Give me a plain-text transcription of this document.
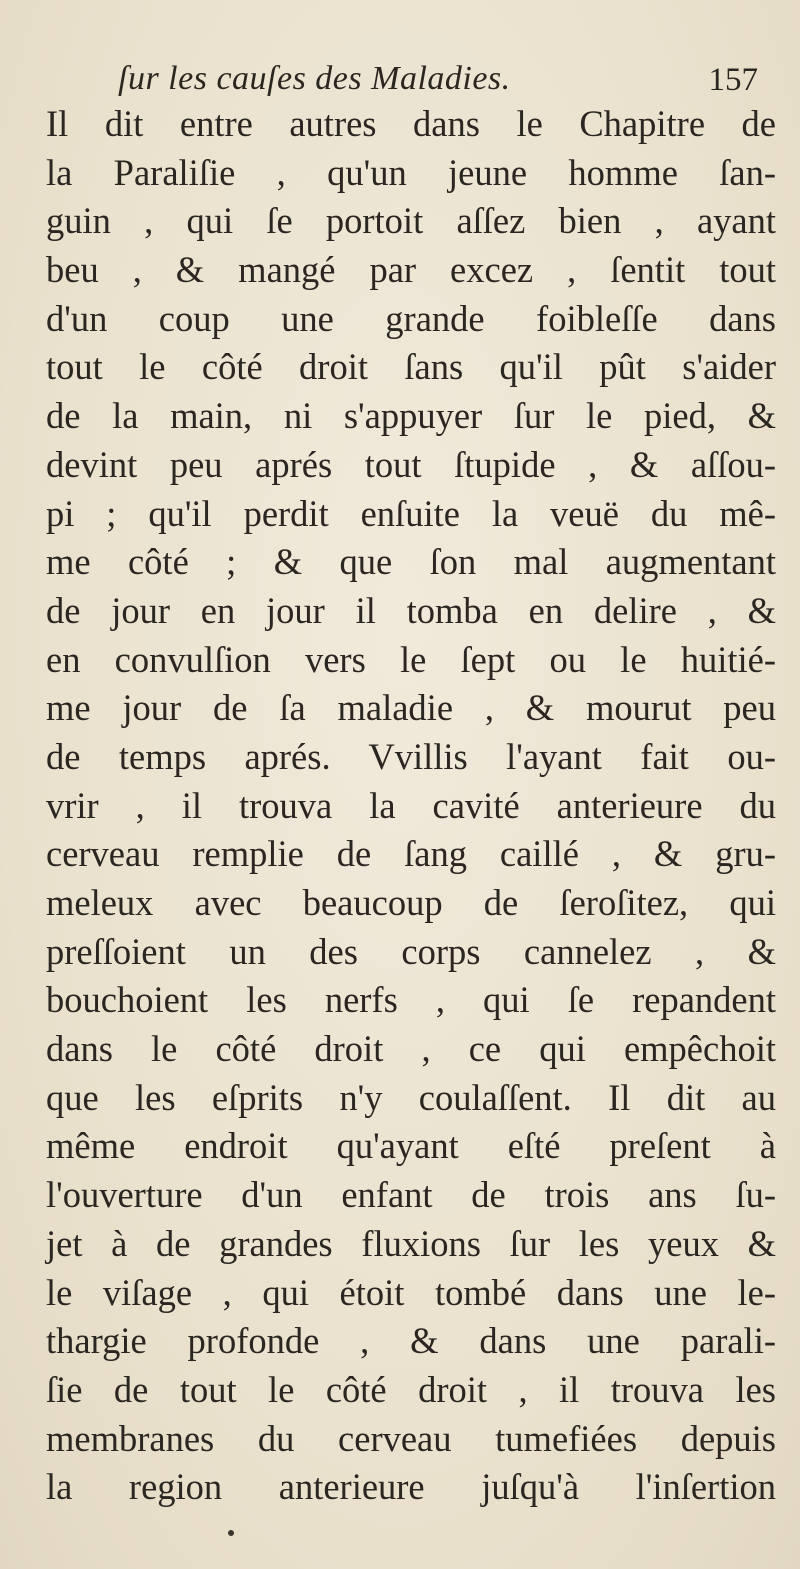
ſur les cauſes des Maladies.	157
Il dit entre autres dans le Chapitre de
la Paraliſie , qu'un jeune homme ſan-
guin , qui ſe portoit aſſez bien , ayant
beu , & mangé par excez , ſentit tout
d'un coup une grande foibleſſe dans
tout le côté droit ſans qu'il pût s'aider
de la main, ni s'appuyer ſur le pied, &
devint peu aprés tout ſtupide , & aſſou-
pi ; qu'il perdit enſuite la veuë du mê-
me côté ; & que ſon mal augmentant
de jour en jour il tomba en delire , &
en convulſion vers le ſept ou le huitié-
me jour de ſa maladie , & mourut peu
de temps aprés. Vvillis l'ayant fait ou-
vrir , il trouva la cavité anterieure du
cerveau remplie de ſang caillé , & gru-
meleux avec beaucoup de ſeroſitez, qui
preſſoient un des corps cannelez , &
bouchoient les nerfs , qui ſe repandent
dans le côté droit , ce qui empêchoit
que les eſprits n'y coulaſſent. Il dit au
même endroit qu'ayant eſté preſent à
l'ouverture d'un enfant de trois ans ſu-
jet à de grandes fluxions ſur les yeux &
le viſage , qui étoit tombé dans une le-
thargie profonde , & dans une parali-
ſie de tout le côté droit , il trouva les
membranes du cerveau tumefiées depuis
la region anterieure juſqu'à l'inſertion
